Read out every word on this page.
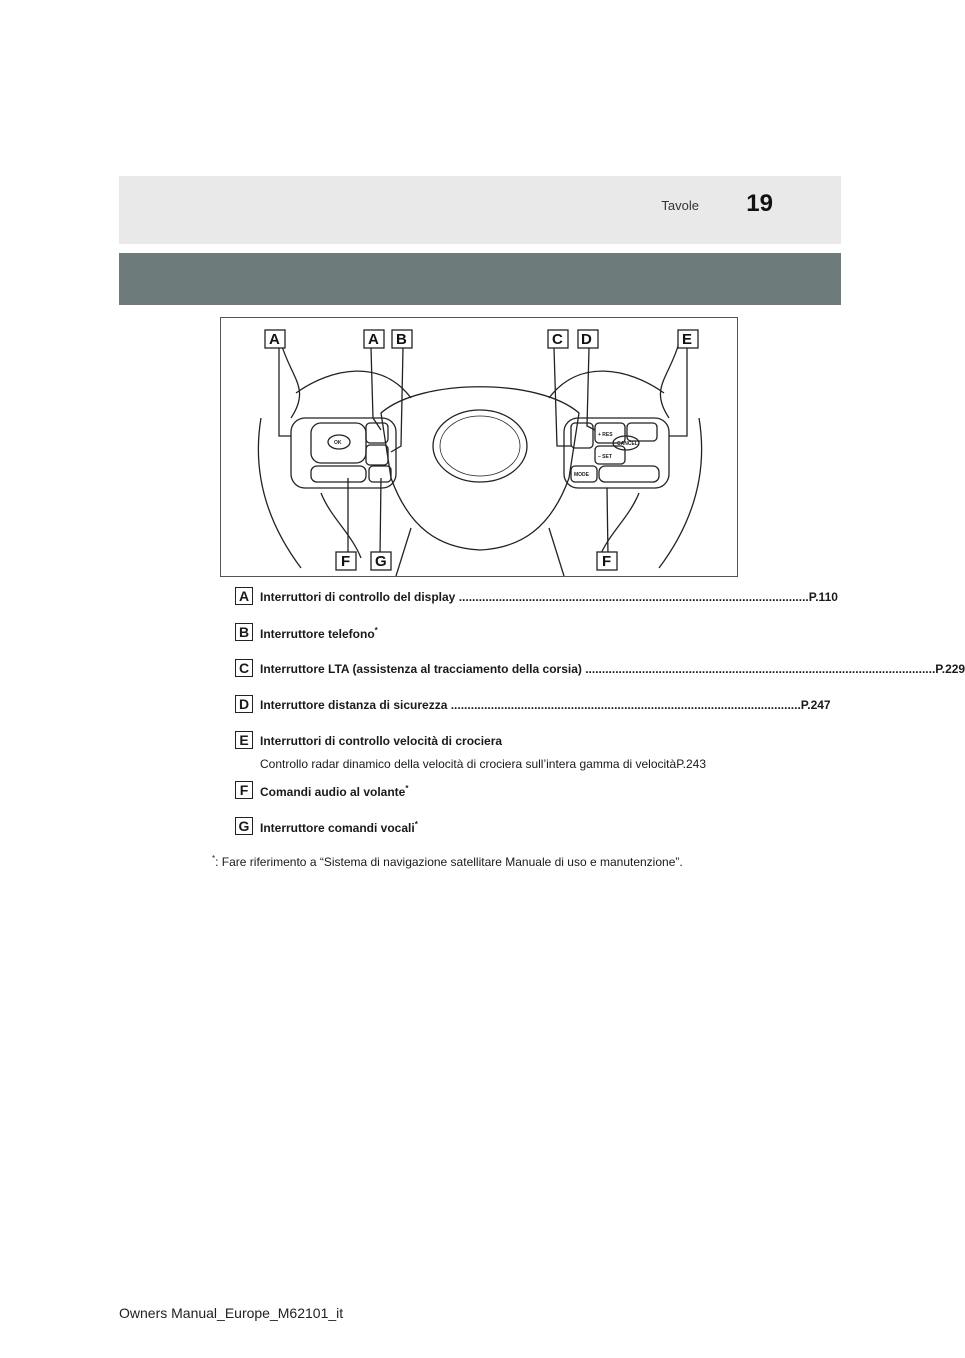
Tavole 19
A	A B	C D	E
F G	F
OK
+ RES
– SET
CANCEL
MODE
A Interruttori di controllo del display ......................................................................................................... P.110
B Interruttore telefono*
C Interruttore LTA (assistenza al tracciamento della corsia) ......................................................................................................... P.229
D Interruttore distanza di sicurezza ......................................................................................................... P.247
E Interruttori di controllo velocità di crociera
Controllo radar dinamico della velocità di crociera sull’intera gamma di velocitàP.243
F Comandi audio al volante*
G Interruttore comandi vocali*
*: Fare riferimento a “Sistema di navigazione satellitare Manuale di uso e manutenzione”.
Owners Manual_Europe_M62101_it
